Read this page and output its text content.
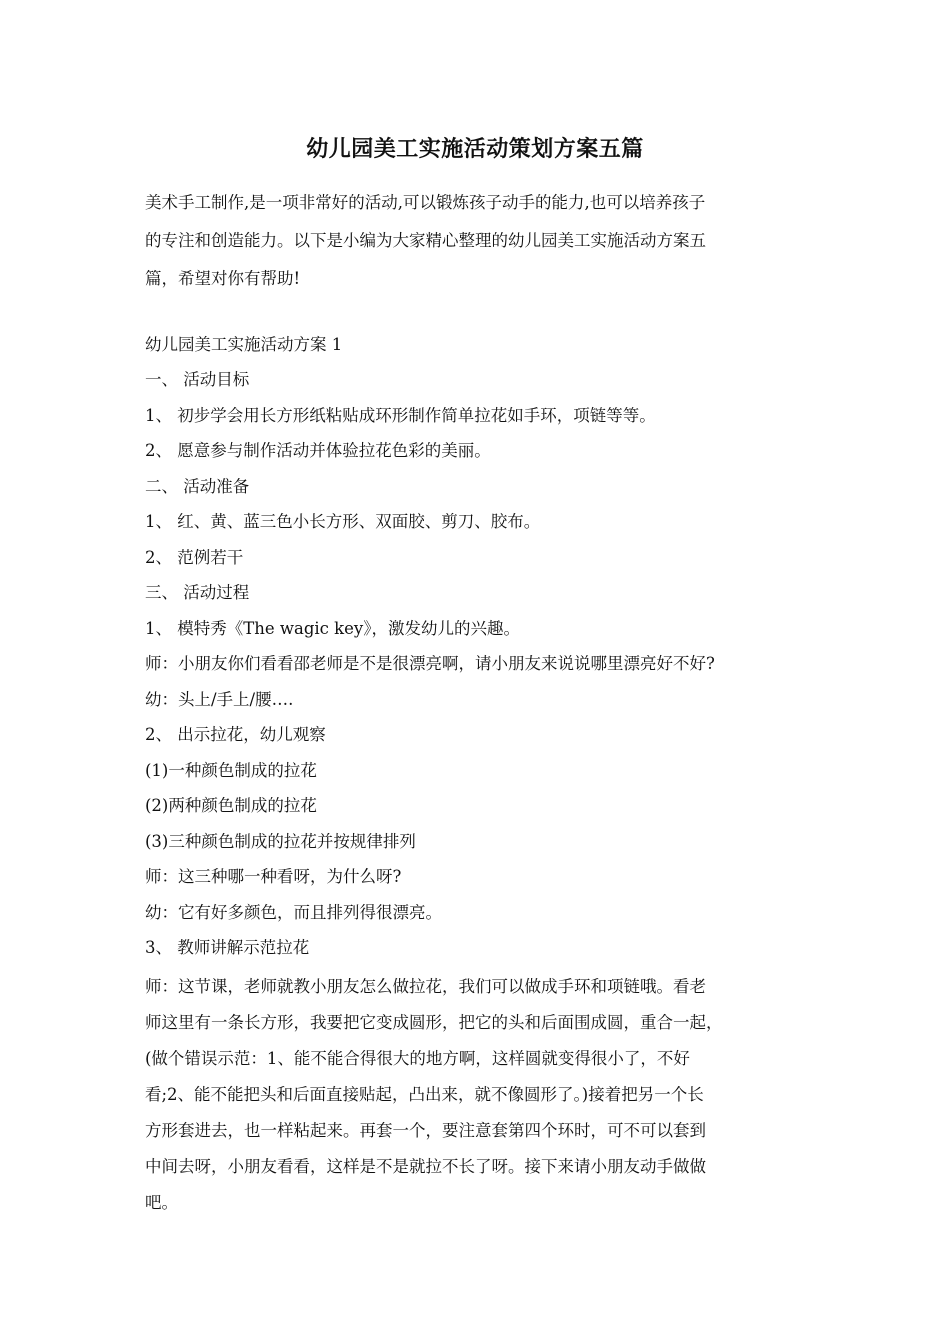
幼儿园美工实施活动策划方案五篇
美术手工制作,是一项非常好的活动,可以锻炼孩子动手的能力,也可以培养孩子
的专注和创造能力。以下是小编为大家精心整理的幼儿园美工实施活动方案五
篇，希望对你有帮助!
幼儿园美工实施活动方案 1
一、 活动目标
1、 初步学会用长方形纸粘贴成环形制作简单拉花如手环，项链等等。
2、 愿意参与制作活动并体验拉花色彩的美丽。
二、 活动准备
1、 红、黄、蓝三色小长方形、双面胶、剪刀、胶布。
2、 范例若干
三、 活动过程
1、 模特秀《The wagic key》，激发幼儿的兴趣。
师：小朋友你们看看邵老师是不是很漂亮啊，请小朋友来说说哪里漂亮好不好?
幼：头上/手上/腰….
2、 出示拉花，幼儿观察
(1)一种颜色制成的拉花
(2)两种颜色制成的拉花
(3)三种颜色制成的拉花并按规律排列
师：这三种哪一种看呀，为什么呀?
幼：它有好多颜色，而且排列得很漂亮。
3、 教师讲解示范拉花
师：这节课，老师就教小朋友怎么做拉花，我们可以做成手环和项链哦。看老
师这里有一条长方形，我要把它变成圆形，把它的头和后面围成圆，重合一起，
(做个错误示范：1、能不能合得很大的地方啊，这样圆就变得很小了，不好
看;2、能不能把头和后面直接贴起，凸出来，就不像圆形了。)接着把另一个长
方形套进去，也一样粘起来。再套一个，要注意套第四个环时，可不可以套到
中间去呀，小朋友看看，这样是不是就拉不长了呀。接下来请小朋友动手做做
吧。
